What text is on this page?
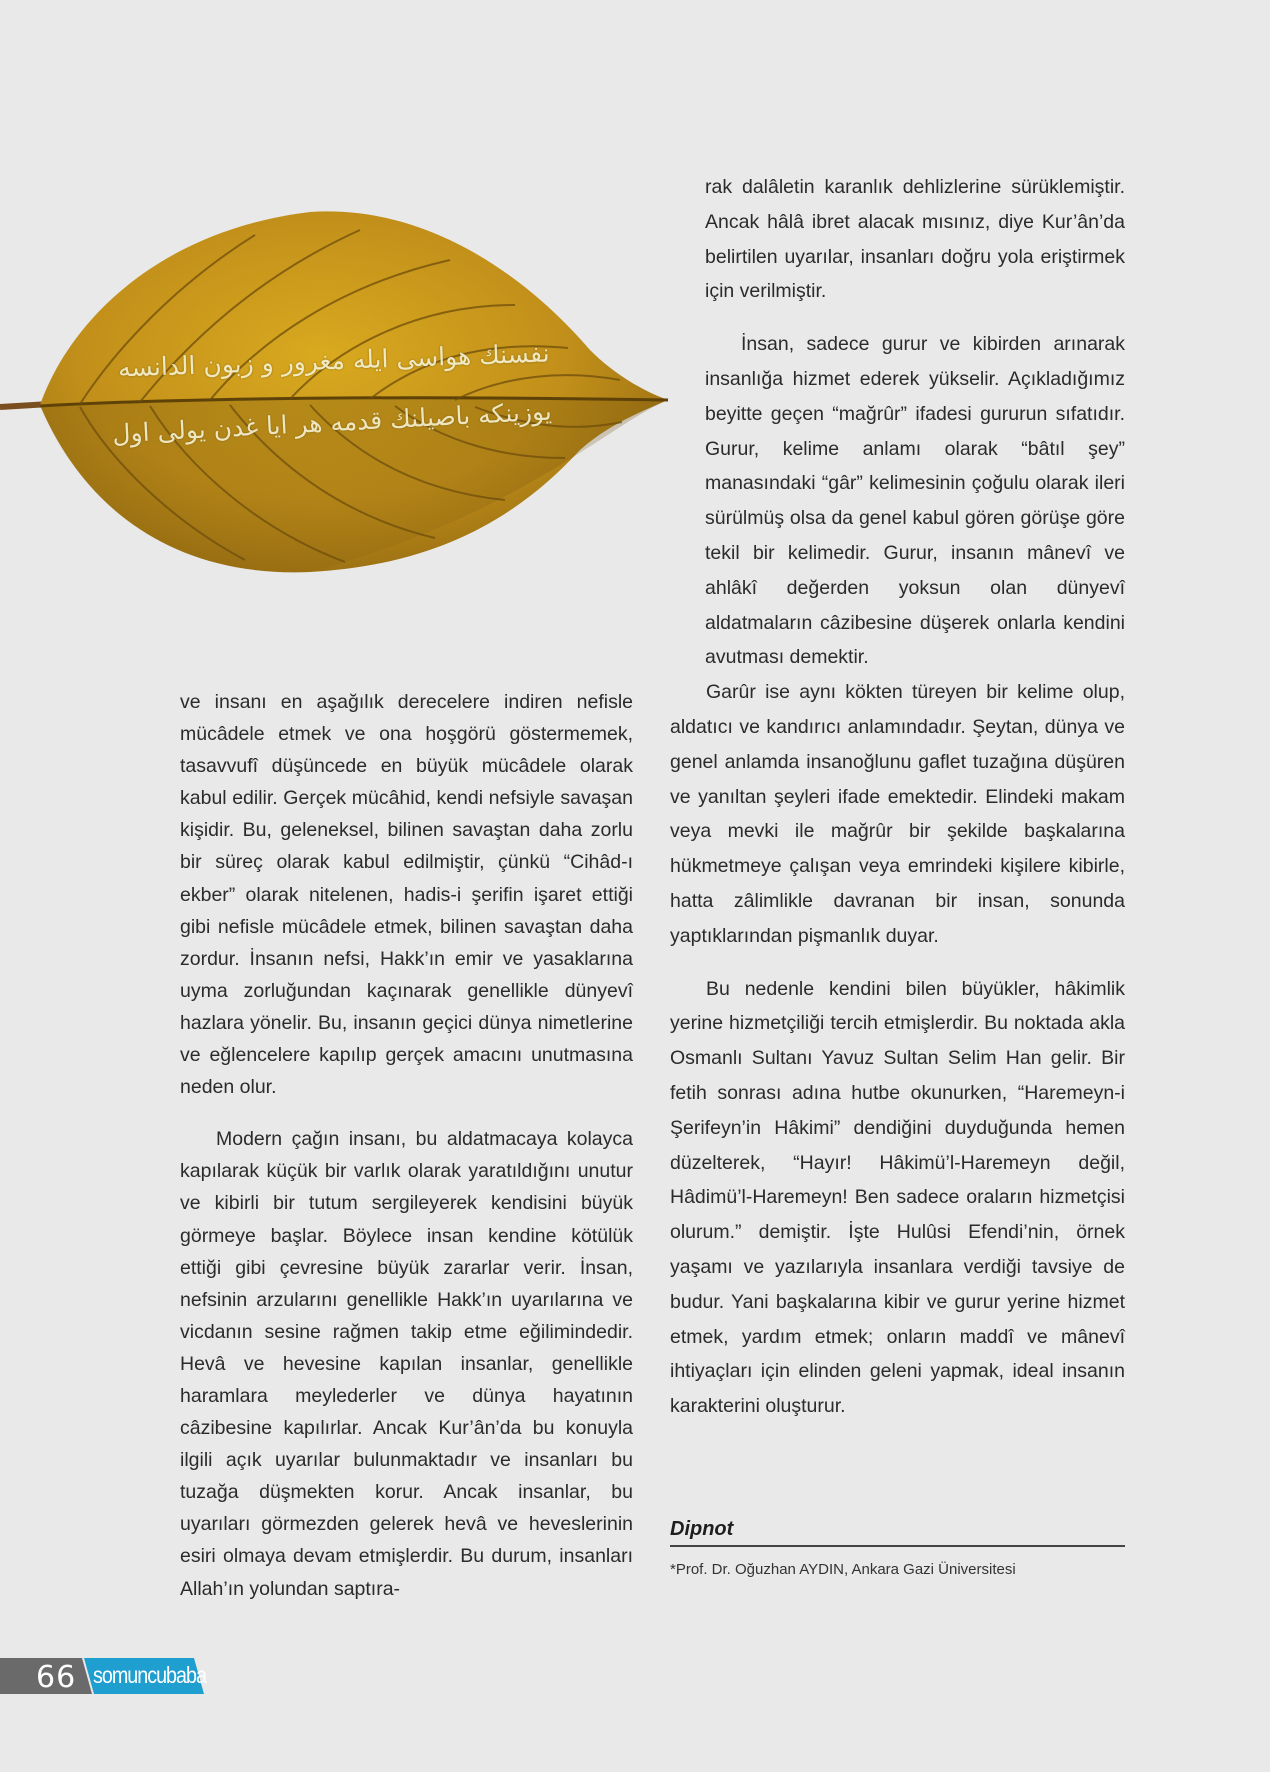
نفسنك هواسى ايله مغرور و زبون الدانسه
يوزينكه باصيلنك قدمه هر ايا غدن يولى اول

ve insanı en aşağılık derecelere indiren nefisle mücâdele etmek ve ona hoşgörü göstermemek, tasavvufî düşüncede en büyük mücâdele olarak kabul edilir. Gerçek mücâhid, kendi nefsiyle savaşan kişidir. Bu, geleneksel, bilinen savaştan daha zorlu bir süreç olarak kabul edilmiştir, çünkü “Cihâd-ı ekber” olarak nitelenen, hadis-i şerifin işaret ettiği gibi nefisle mücâdele etmek, bilinen savaştan daha zordur. İnsanın nefsi, Hakk’ın emir ve yasaklarına uyma zorluğundan kaçınarak genellikle dünyevî hazlara yönelir. Bu, insanın geçici dünya nimetlerine ve eğlencelere kapılıp gerçek amacını unutmasına neden olur.

Modern çağın insanı, bu aldatmacaya kolayca kapılarak küçük bir varlık olarak yaratıldığını unutur ve kibirli bir tutum sergileyerek kendisini büyük görmeye başlar. Böylece insan kendine kötülük ettiği gibi çevresine büyük zararlar verir. İnsan, nefsinin arzularını genellikle Hakk’ın uyarılarına ve vicdanın sesine rağmen takip etme eğilimindedir. Hevâ ve hevesine kapılan insanlar, genellikle haramlara meylederler ve dünya hayatının câzibesine kapılırlar. Ancak Kur’ân’da bu konuyla ilgili açık uyarılar bulunmaktadır ve insanları bu tuzağa düşmekten korur. Ancak insanlar, bu uyarıları görmezden gelerek hevâ ve heveslerinin esiri olmaya devam etmişlerdir. Bu durum, insanları Allah’ın yolundan saptıra-

rak dalâletin karanlık dehlizlerine sürüklemiştir. Ancak hâlâ ibret alacak mısınız, diye Kur’ân’da belirtilen uyarılar, insanları doğru yola eriştirmek için verilmiştir.

İnsan, sadece gurur ve kibirden arınarak insanlığa hizmet ederek yükselir. Açıkladığımız beyitte geçen “mağrûr” ifadesi gururun sıfatıdır. Gurur, kelime anlamı olarak “bâtıl şey” manasındaki “gâr” kelimesinin çoğulu olarak ileri sürülmüş olsa da genel kabul gören görüşe göre tekil bir kelimedir. Gurur, insanın mânevî ve ahlâkî değerden yoksun olan dünyevî aldatmaların câzibesine düşerek onlarla kendini avutması demektir.

Garûr ise aynı kökten türeyen bir kelime olup, aldatıcı ve kandırıcı anlamındadır. Şeytan, dünya ve genel anlamda insanoğlunu gaflet tuzağına düşüren ve yanıltan şeyleri ifade emektedir. Elindeki makam veya mevki ile mağrûr bir şekilde başkalarına hükmetmeye çalışan veya emrindeki kişilere kibirle, hatta zâlimlikle davranan bir insan, sonunda yaptıklarından pişmanlık duyar.

Bu nedenle kendini bilen büyükler, hâkimlik yerine hizmetçiliği tercih etmişlerdir. Bu noktada akla Osmanlı Sultanı Yavuz Sultan Selim Han gelir. Bir fetih sonrası adına hutbe okunurken, “Haremeyn-i Şerifeyn’in Hâkimi” dendiğini duyduğunda hemen düzelterek, “Hayır! Hâkimü’l-Haremeyn değil, Hâdimü’l-Haremeyn! Ben sadece oraların hizmetçisi olurum.” demiştir. İşte Hulûsi Efendi’nin, örnek yaşamı ve yazılarıyla insanlara verdiği tavsiye de budur. Yani başkalarına kibir ve gurur yerine hizmet etmek, yardım etmek; onların maddî ve mânevî ihtiyaçları için elinden geleni yapmak, ideal insanın karakterini oluşturur.

Dipnot
*Prof. Dr. Oğuzhan AYDIN, Ankara Gazi Üniversitesi
66 somuncubaba
